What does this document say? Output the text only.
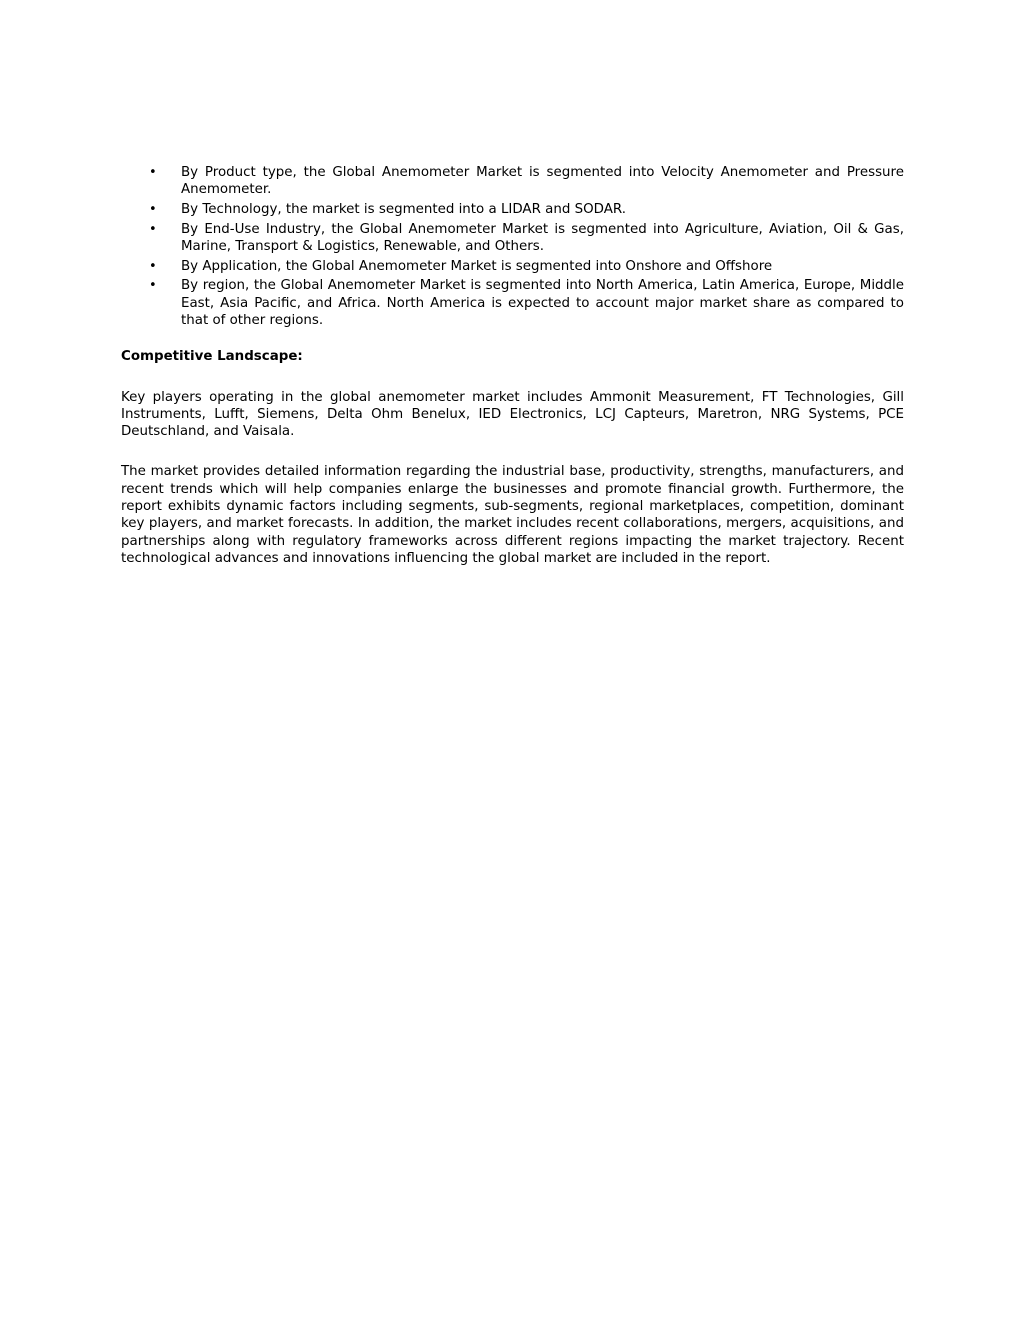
• By Product type, the Global Anemometer Market is segmented into Velocity Anemometer and Pressure Anemometer.
• By Technology, the market is segmented into a LIDAR and SODAR.
• By End-Use Industry, the Global Anemometer Market is segmented into Agriculture, Aviation, Oil & Gas, Marine, Transport & Logistics, Renewable, and Others.
• By Application, the Global Anemometer Market is segmented into Onshore and Offshore
• By region, the Global Anemometer Market is segmented into North America, Latin America, Europe, Middle East, Asia Pacific, and Africa. North America is expected to account major market share as compared to that of other regions.
Competitive Landscape:

Key players operating in the global anemometer market includes Ammonit Measurement, FT Technologies, Gill Instruments, Lufft, Siemens, Delta Ohm Benelux, IED Electronics, LCJ Capteurs, Maretron, NRG Systems, PCE Deutschland, and Vaisala.

The market provides detailed information regarding the industrial base, productivity, strengths, manufacturers, and recent trends which will help companies enlarge the businesses and promote financial growth. Furthermore, the report exhibits dynamic factors including segments, sub-segments, regional marketplaces, competition, dominant key players, and market forecasts. In addition, the market includes recent collaborations, mergers, acquisitions, and partnerships along with regulatory frameworks across different regions impacting the market trajectory. Recent technological advances and innovations influencing the global market are included in the report.
